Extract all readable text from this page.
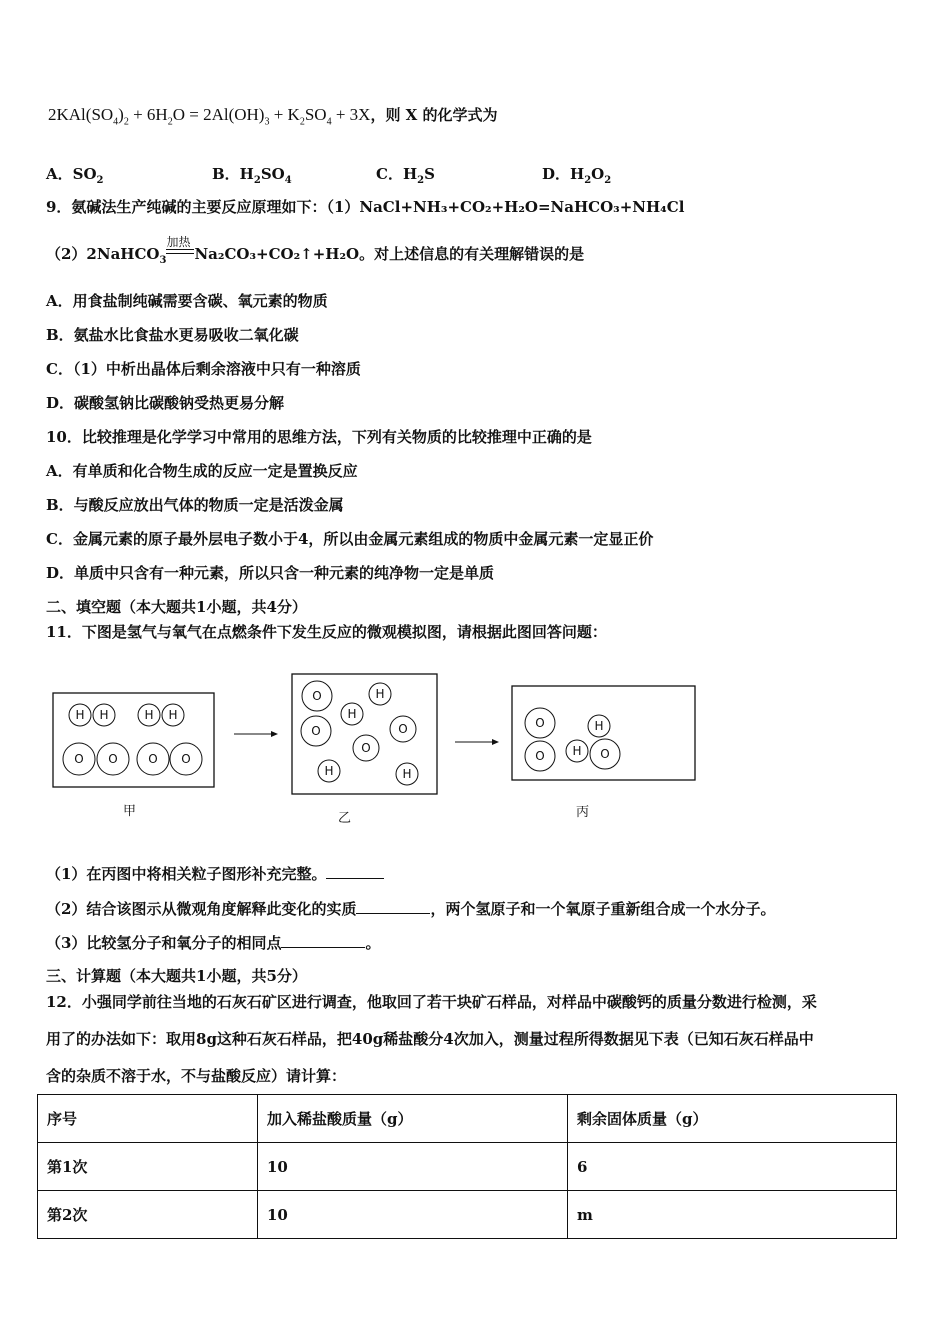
$2KAl(SO_4)_2 + 6H_2O = 2Al(OH)_3 + K_2SO_4 + 3X$，则 X 的化学式为
A．$SO_2$	B．$H_2SO_4$	C．$H_2S$	D．$H_2O_2$
9．氨碱法生产纯碱的主要反应原理如下：（1）NaCl+NH₃+CO₂+H₂O=NaHCO₃+NH₄Cl
（2）2NaHCO$_3$
加热
Na₂CO₃+CO₂↑+H₂O。对上述信息的有关理解错误的是
A．用食盐制纯碱需要含碳、氧元素的物质
B．氨盐水比食盐水更易吸收二氧化碳
C．（1）中析出晶体后剩余溶液中只有一种溶质
D．碳酸氢钠比碳酸钠受热更易分解
10．比较推理是化学学习中常用的思维方法，下列有关物质的比较推理中正确的是
A．有单质和化合物生成的反应一定是置换反应
B．与酸反应放出气体的物质一定是活泼金属
C．金属元素的原子最外层电子数小于4，所以由金属元素组成的物质中金属元素一定显正价
D．单质中只含有一种元素，所以只含一种元素的纯净物一定是单质
二、填空题（本大题共1小题，共4分）
11．下图是氢气与氧气在点燃条件下发生反应的微观模拟图，请根据此图回答问题：
H H	H H
O O	O O
O
O
H
H
O
O
H	H
O
O
H
H O
甲	乙	丙
（1）在丙图中将相关粒子图形补充完整。
（2）结合该图示从微观角度解释此变化的实质	，两个氢原子和一个氧原子重新组合成一个水分子。
（3）比较氢分子和氧分子的相同点	。
三、计算题（本大题共1小题，共5分）
12．小强同学前往当地的石灰石矿区进行调查，他取回了若干块矿石样品，对样品中碳酸钙的质量分数进行检测，采
用了的办法如下：取用8g这种石灰石样品，把40g稀盐酸分4次加入，测量过程所得数据见下表（已知石灰石样品中
含的杂质不溶于水，不与盐酸反应）请计算：
序号	加入稀盐酸质量（g）	剩余固体质量（g）
第1次	10	6
第2次	10	m
